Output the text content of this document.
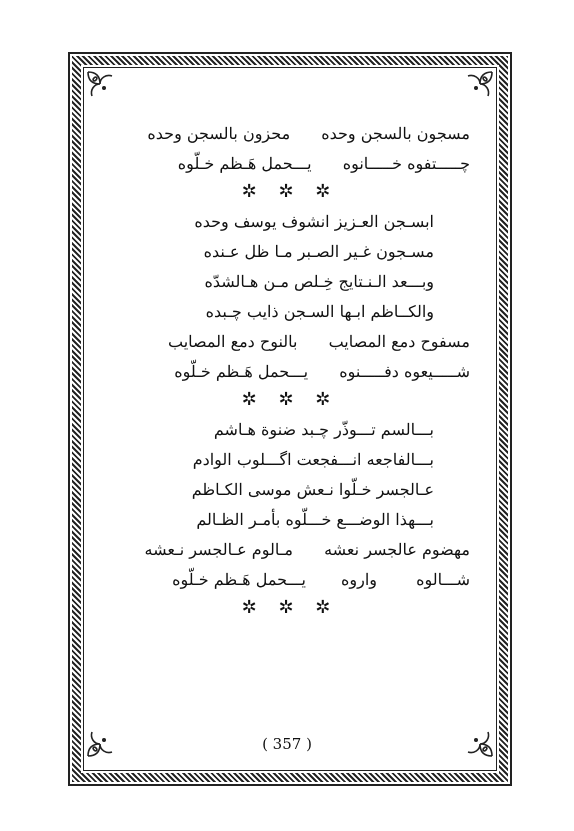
مسجون بالسجن وحده محزون بالسجن وحده
چـــــتفوه خـــــانوه يـــحمل هَـظم خـلّوه
✲ ✲ ✲
ابسـجن العـزيز انشوف يوسف وحده
مسـجون غـير الصـبر مـا ظل عـنده
وبـــعد الـنـتايج خِـلص مـن هـالشدّه
والكــاظم ابـها السـجن ذايب چـبده
مسفوح دمع المصايب بالنوح دمع المصايب
شـــــيعوه دفـــــنوه يـــحمل هَـظم خـلّوه
✲ ✲ ✲
بـــالسم تـــوذّر چـبد ضنوة هـاشم
بـــالفاجعه انـــفجعت اگـــلوب الوادم
عـالجسر خـلّوا نـعش موسى الكـاظم
بـــهذا الوضـــع خـــلّوه بأمـر الظـالم
مهضوم عالجسر نعشه مـالوم عـالجسر نـعشه
شـــالوه واروه يـــحمل هَـظم خـلّوه
✲ ✲ ✲
( 357 )
